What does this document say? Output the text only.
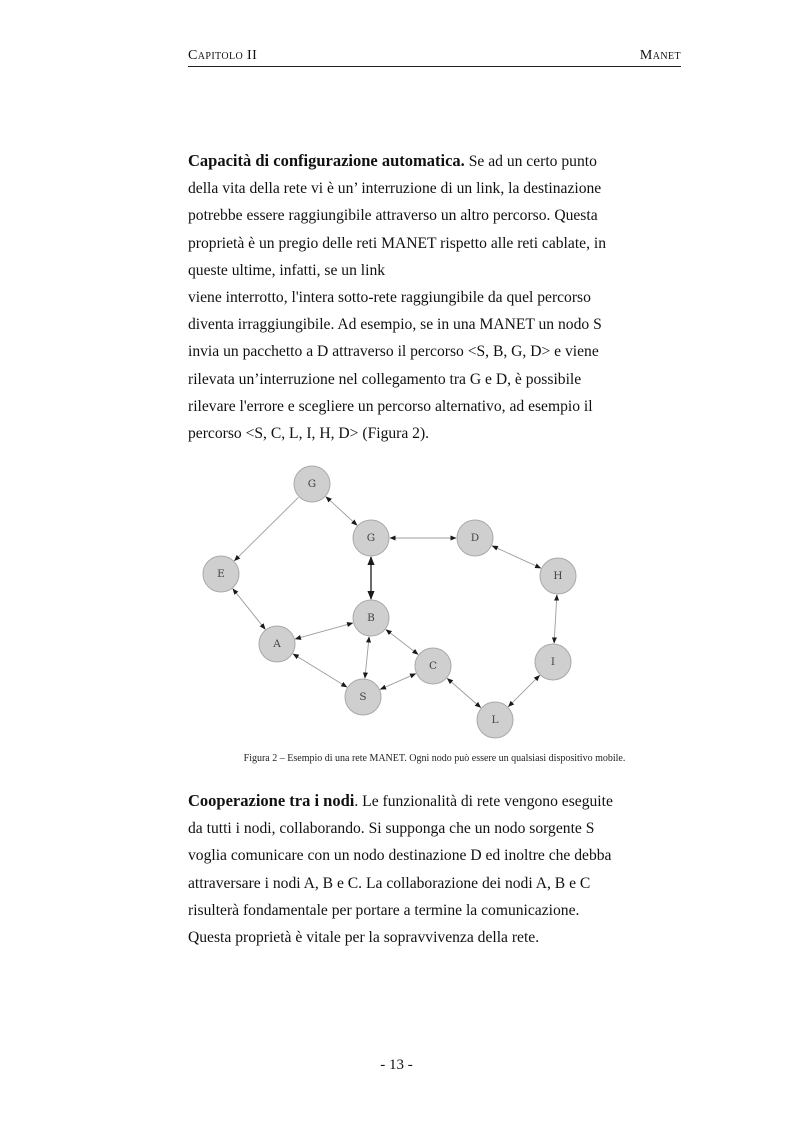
Capitolo II	Manet
Capacità di configurazione automatica. Se ad un certo punto
della vita della rete vi è un’ interruzione di un link, la destinazione
potrebbe essere raggiungibile attraverso un altro percorso. Questa
proprietà è un pregio delle reti MANET rispetto alle reti cablate, in
queste ultime, infatti, se un link
viene interrotto, l'intera sotto-rete raggiungibile da quel percorso
diventa irraggiungibile. Ad esempio, se in una MANET un nodo S
invia un pacchetto a D attraverso il percorso <S, B, G, D> e viene
rilevata un’interruzione nel collegamento tra G e D, è possibile
rilevare l'errore e scegliere un percorso alternativo, ad esempio il
percorso <S, C, L, I, H, D> (Figura 2).
G
G	D
H
E
B
A
C	I
S
L
Figura 2 – Esempio di una rete MANET. Ogni nodo può essere un qualsiasi dispositivo mobile.
Cooperazione tra i nodi. Le funzionalità di rete vengono eseguite
da tutti i nodi, collaborando. Si supponga che un nodo sorgente S
voglia comunicare con un nodo destinazione D ed inoltre che debba
attraversare i nodi A, B e C. La collaborazione dei nodi A, B e C
risulterà fondamentale per portare a termine la comunicazione.
Questa proprietà è vitale per la sopravvivenza della rete.
- 13 -
